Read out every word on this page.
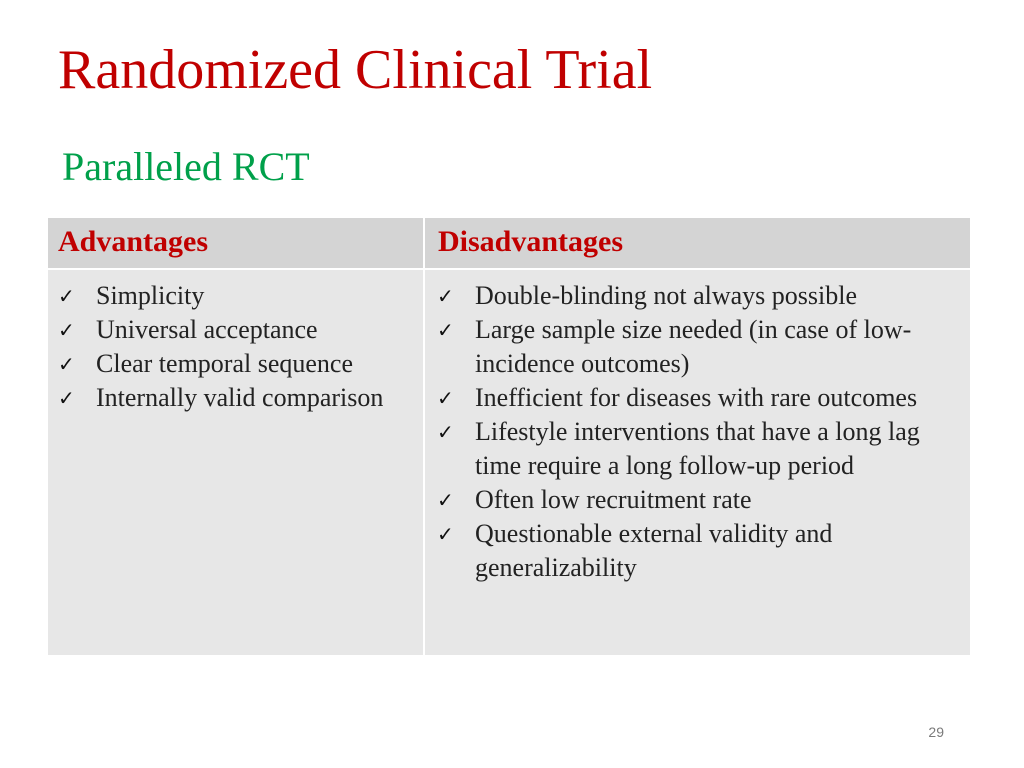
Randomized Clinical Trial
Paralleled RCT
Advantages	Disadvantages
✓ Simplicity
✓ Universal acceptance
✓ Clear temporal sequence
✓ Internally valid comparison
✓ Double-blinding not always possible
✓ Large sample size needed (in case of low-incidence outcomes)
✓ Inefficient for diseases with rare outcomes
✓ Lifestyle interventions that have a long lag time require a long follow-up period
✓ Often low recruitment rate
✓ Questionable external validity and generalizability
29
